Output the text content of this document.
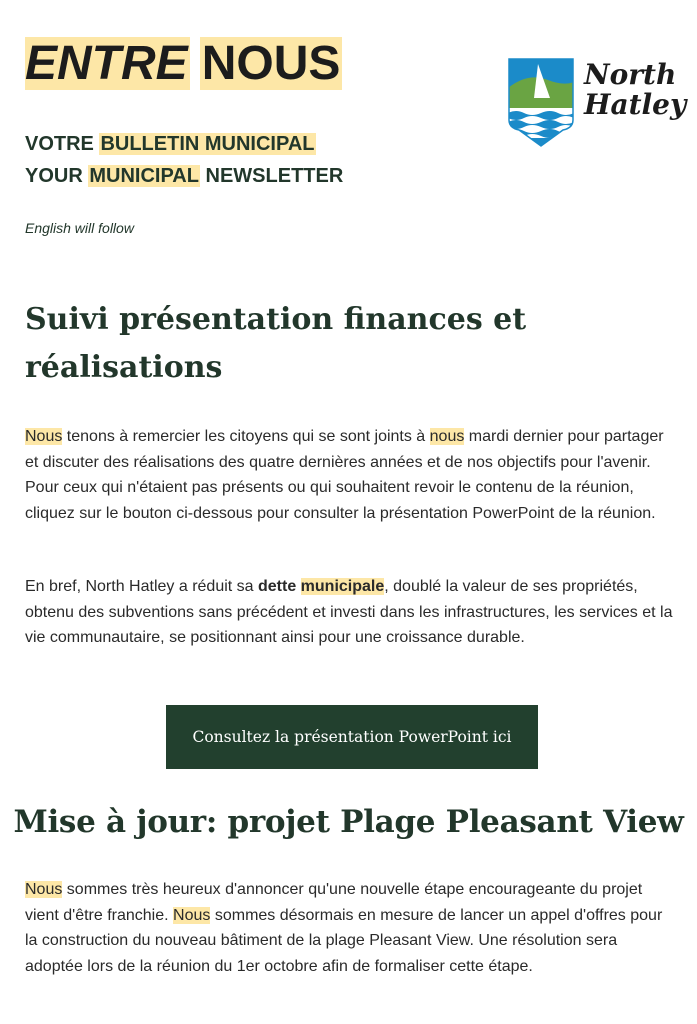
ENTRE NOUS
VOTRE BULLETIN MUNICIPAL
YOUR MUNICIPAL NEWSLETTER
North
Hatley
English will follow
Suivi présentation finances et réalisations

Nous tenons à remercier les citoyens qui se sont joints à nous mardi dernier pour partager et discuter des réalisations des quatre dernières années et de nos objectifs pour l'avenir. Pour ceux qui n'étaient pas présents ou qui souhaitent revoir le contenu de la réunion, cliquez sur le bouton ci-dessous pour consulter la présentation PowerPoint de la réunion.

En bref, North Hatley a réduit sa dette municipale, doublé la valeur de ses propriétés, obtenu des subventions sans précédent et investi dans les infrastructures, les services et la vie communautaire, se positionnant ainsi pour une croissance durable.

Consultez la présentation PowerPoint ici
Mise à jour: projet Plage Pleasant View

Nous sommes très heureux d'annoncer qu'une nouvelle étape encourageante du projet vient d'être franchie. Nous sommes désormais en mesure de lancer un appel d'offres pour la construction du nouveau bâtiment de la plage Pleasant View. Une résolution sera adoptée lors de la réunion du 1er octobre afin de formaliser cette étape.
